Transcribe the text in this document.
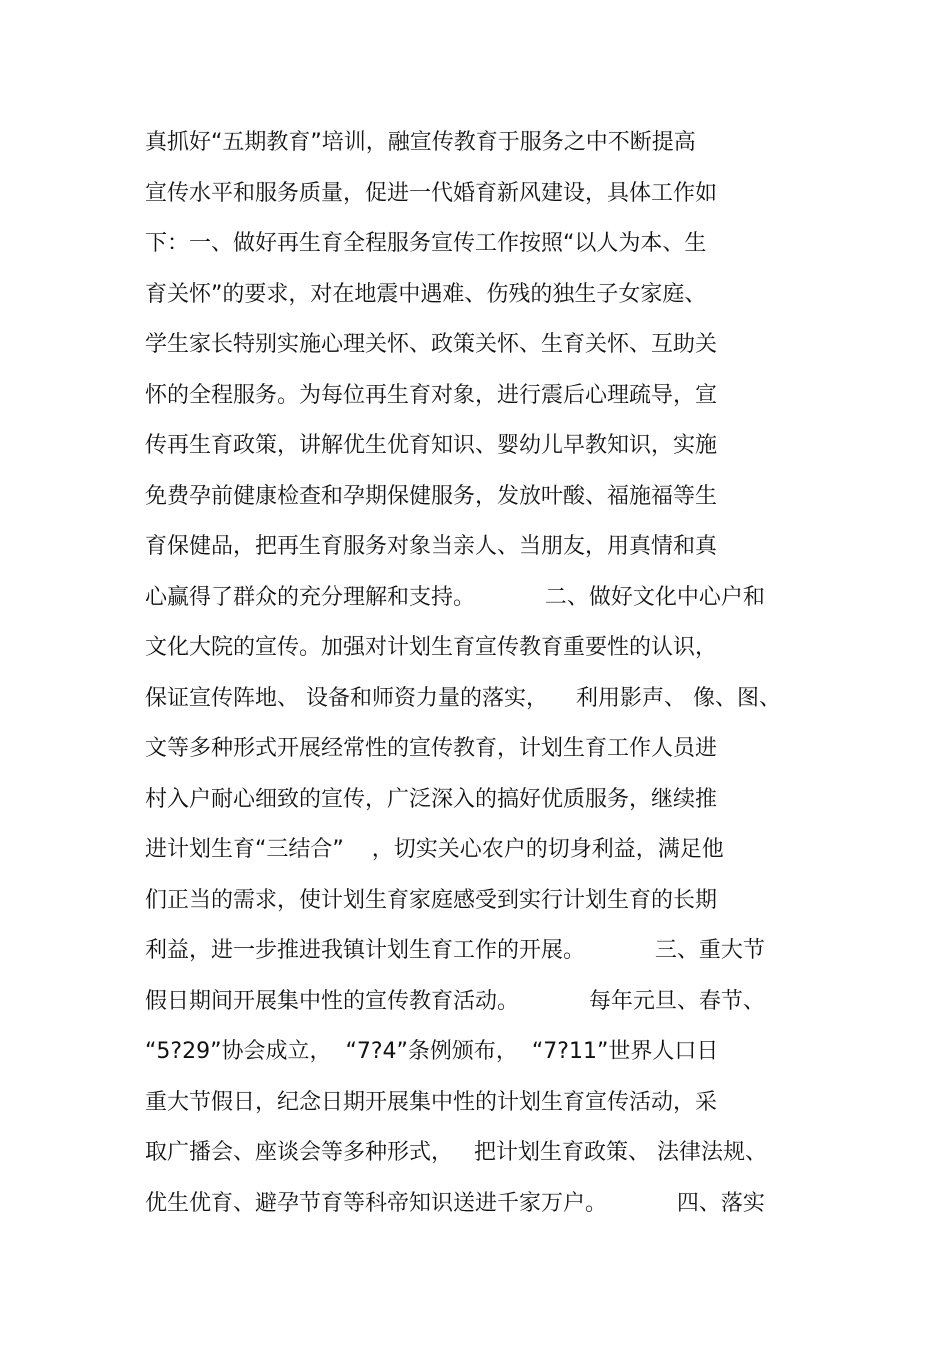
真抓好“五期教育”培训，融宣传教育于服务之中不断提高
宣传水平和服务质量，促进一代婚育新风建设，具体工作如
下：一、做好再生育全程服务宣传工作按照“以人为本、生
育关怀”的要求，对在地震中遇难、伤残的独生子女家庭、
学生家长特别实施心理关怀、政策关怀、生育关怀、互助关
怀的全程服务。为每位再生育对象，进行震后心理疏导，宣
传再生育政策，讲解优生优育知识、婴幼儿早教知识，实施
免费孕前健康检查和孕期保健服务，发放叶酸、福施福等生
育保健品，把再生育服务对象当亲人、当朋友，用真情和真
心赢得了群众的充分理解和支持。          二、做好文化中心户和
文化大院的宣传。加强对计划生育宣传教育重要性的认识，
保证宣传阵地、 设备和师资力量的落实，    利用影声、 像、图、
文等多种形式开展经常性的宣传教育，计划生育工作人员进
村入户耐心细致的宣传，广泛深入的搞好优质服务，继续推
进计划生育“三结合”    ，切实关心农户的切身利益，满足他
们正当的需求，使计划生育家庭感受到实行计划生育的长期
利益，进一步推进我镇计划生育工作的开展。          三、重大节
假日期间开展集中性的宣传教育活动。          每年元旦、春节、
“5?29”协会成立，  “7?4”条例颁布，  “7?11”世界人口日
重大节假日，纪念日期开展集中性的计划生育宣传活动，采
取广播会、座谈会等多种形式，   把计划生育政策、 法律法规、
优生优育、避孕节育等科帝知识送进千家万户。          四、落实
